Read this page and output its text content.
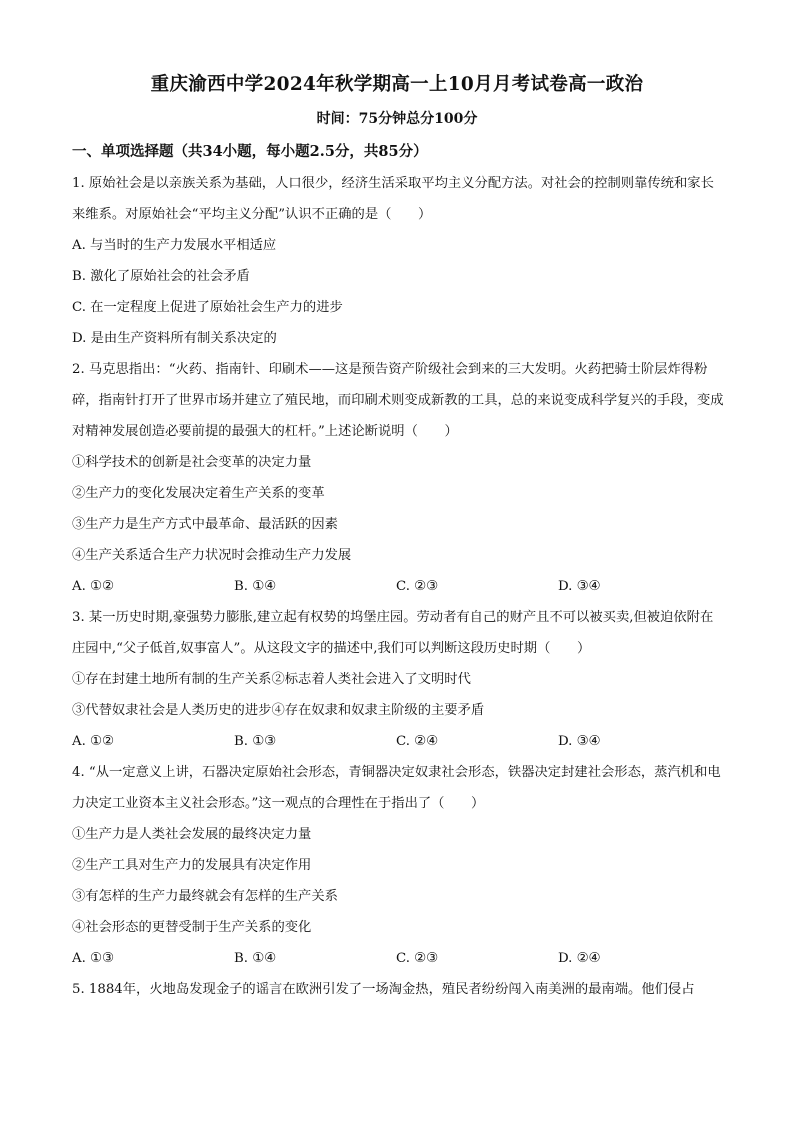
重庆渝西中学2024年秋学期高一上10月月考试卷高一政治
时间：75分钟总分100分
一、单项选择题（共34小题，每小题2.5分，共85分）
1. 原始社会是以亲族关系为基础，人口很少，经济生活采取平均主义分配方法。对社会的控制则靠传统和家长来维系。对原始社会“平均主义分配”认识不正确的是（　　）
A. 与当时的生产力发展水平相适应
B. 激化了原始社会的社会矛盾
C. 在一定程度上促进了原始社会生产力的进步
D. 是由生产资料所有制关系决定的
2. 马克思指出：“火药、指南针、印刷术——这是预告资产阶级社会到来的三大发明。火药把骑士阶层炸得粉碎，指南针打开了世界市场并建立了殖民地，而印刷术则变成新教的工具，总的来说变成科学复兴的手段，变成对精神发展创造必要前提的最强大的杠杆。”上述论断说明（　　）
①科学技术的创新是社会变革的决定力量
②生产力的变化发展决定着生产关系的变革
③生产力是生产方式中最革命、最活跃的因素
④生产关系适合生产力状况时会推动生产力发展
A. ①②	B. ①④	C. ②③	D. ③④
3. 某一历史时期,豪强势力膨胀,建立起有权势的坞堡庄园。劳动者有自己的财产且不可以被买卖,但被迫依附在庄园中,“父子低首,奴事富人”。从这段文字的描述中,我们可以判断这段历史时期（　　）
①存在封建土地所有制的生产关系②标志着人类社会进入了文明时代
③代替奴隶社会是人类历史的进步④存在奴隶和奴隶主阶级的主要矛盾
A. ①②	B. ①③	C. ②④	D. ③④
4. “从一定意义上讲，石器决定原始社会形态，青铜器决定奴隶社会形态，铁器决定封建社会形态，蒸汽机和电力决定工业资本主义社会形态。”这一观点的合理性在于指出了（　　）
①生产力是人类社会发展的最终决定力量
②生产工具对生产力的发展具有决定作用
③有怎样的生产力最终就会有怎样的生产关系
④社会形态的更替受制于生产关系的变化
A. ①③	B. ①④	C. ②③	D. ②④
5. 1884年，火地岛发现金子的谣言在欧洲引发了一场淘金热，殖民者纷纷闯入南美洲的最南端。他们侵占
